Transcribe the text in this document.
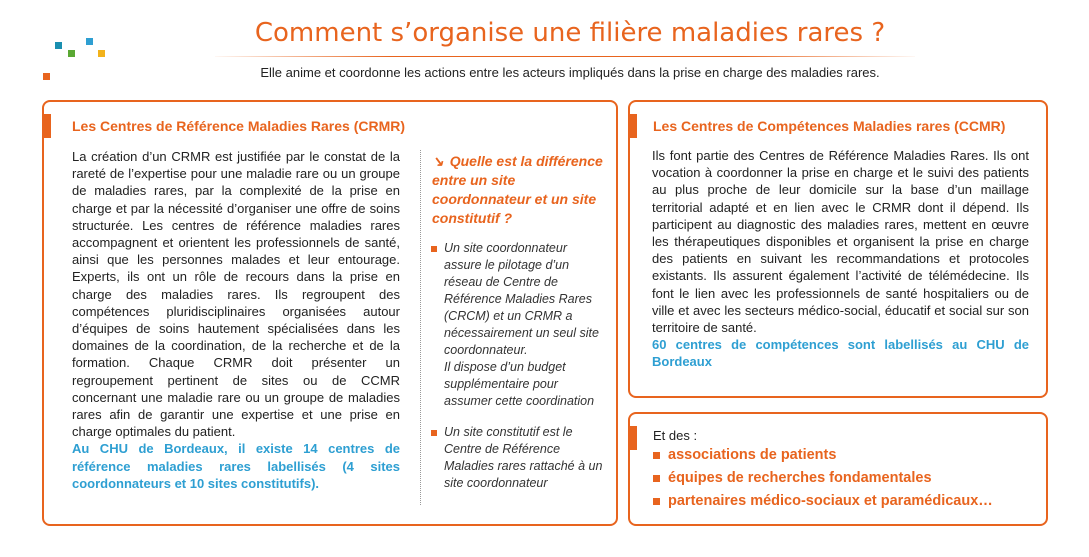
Comment s’organise une filière maladies rares ?
Elle anime et coordonne les actions entre les acteurs impliqués dans la prise en charge des maladies rares.
Les Centres de Référence Maladies Rares (CRMR)
La création d’un CRMR est justifiée par le constat de la rareté de l’expertise pour une maladie rare ou un groupe de maladies rares, par la complexité de la prise en charge et par la nécessité d’organiser une offre de soins structurée. Les centres de référence maladies rares accompagnent et orientent les professionnels de santé, ainsi que les personnes malades et leur entourage. Experts, ils ont un rôle de recours dans la prise en charge des maladies rares. Ils regroupent des compétences pluridisciplinaires organisées autour d’équipes de soins hautement spécialisées dans les domaines de la coordination, de la recherche et de la formation. Chaque CRMR doit présenter un regroupement pertinent de sites ou de CCMR concernant une maladie rare ou un groupe de maladies rares afin de garantir une expertise et une prise en charge optimales du patient.
Au CHU de Bordeaux, il existe 14 centres de référence maladies rares labellisés (4 sites coordonnateurs et 10 sites constitutifs).
↘ Quelle est la différence entre un site coordonnateur et un site constitutif ?
Un site coordonnateur assure le pilotage d’un réseau de Centre de Référence Maladies Rares (CRCM) et un CRMR a nécessairement un seul site coordonnateur.
Il dispose d’un budget supplémentaire pour assumer cette coordination
Un site constitutif est le Centre de Référence Maladies rares rattaché à un site coordonnateur
Les Centres de Compétences Maladies rares (CCMR)
Ils font partie des Centres de Référence Maladies Rares. Ils ont vocation à coordonner la prise en charge et le suivi des patients au plus proche de leur domicile sur la base d’un maillage territorial adapté et en lien avec le CRMR dont il dépend. Ils participent au diagnostic des maladies rares, mettent en œuvre les thérapeutiques disponibles et organisent la prise en charge des patients en suivant les recommandations et protocoles existants. Ils assurent également l’activité de télémédecine. Ils font le lien avec les professionnels de santé hospitaliers ou de ville et avec les secteurs médico-social, éducatif et social sur son territoire de santé.
60 centres de compétences sont labellisés au CHU de Bordeaux
Et des :
associations de patients
équipes de recherches fondamentales
partenaires médico-sociaux et paramédicaux…
